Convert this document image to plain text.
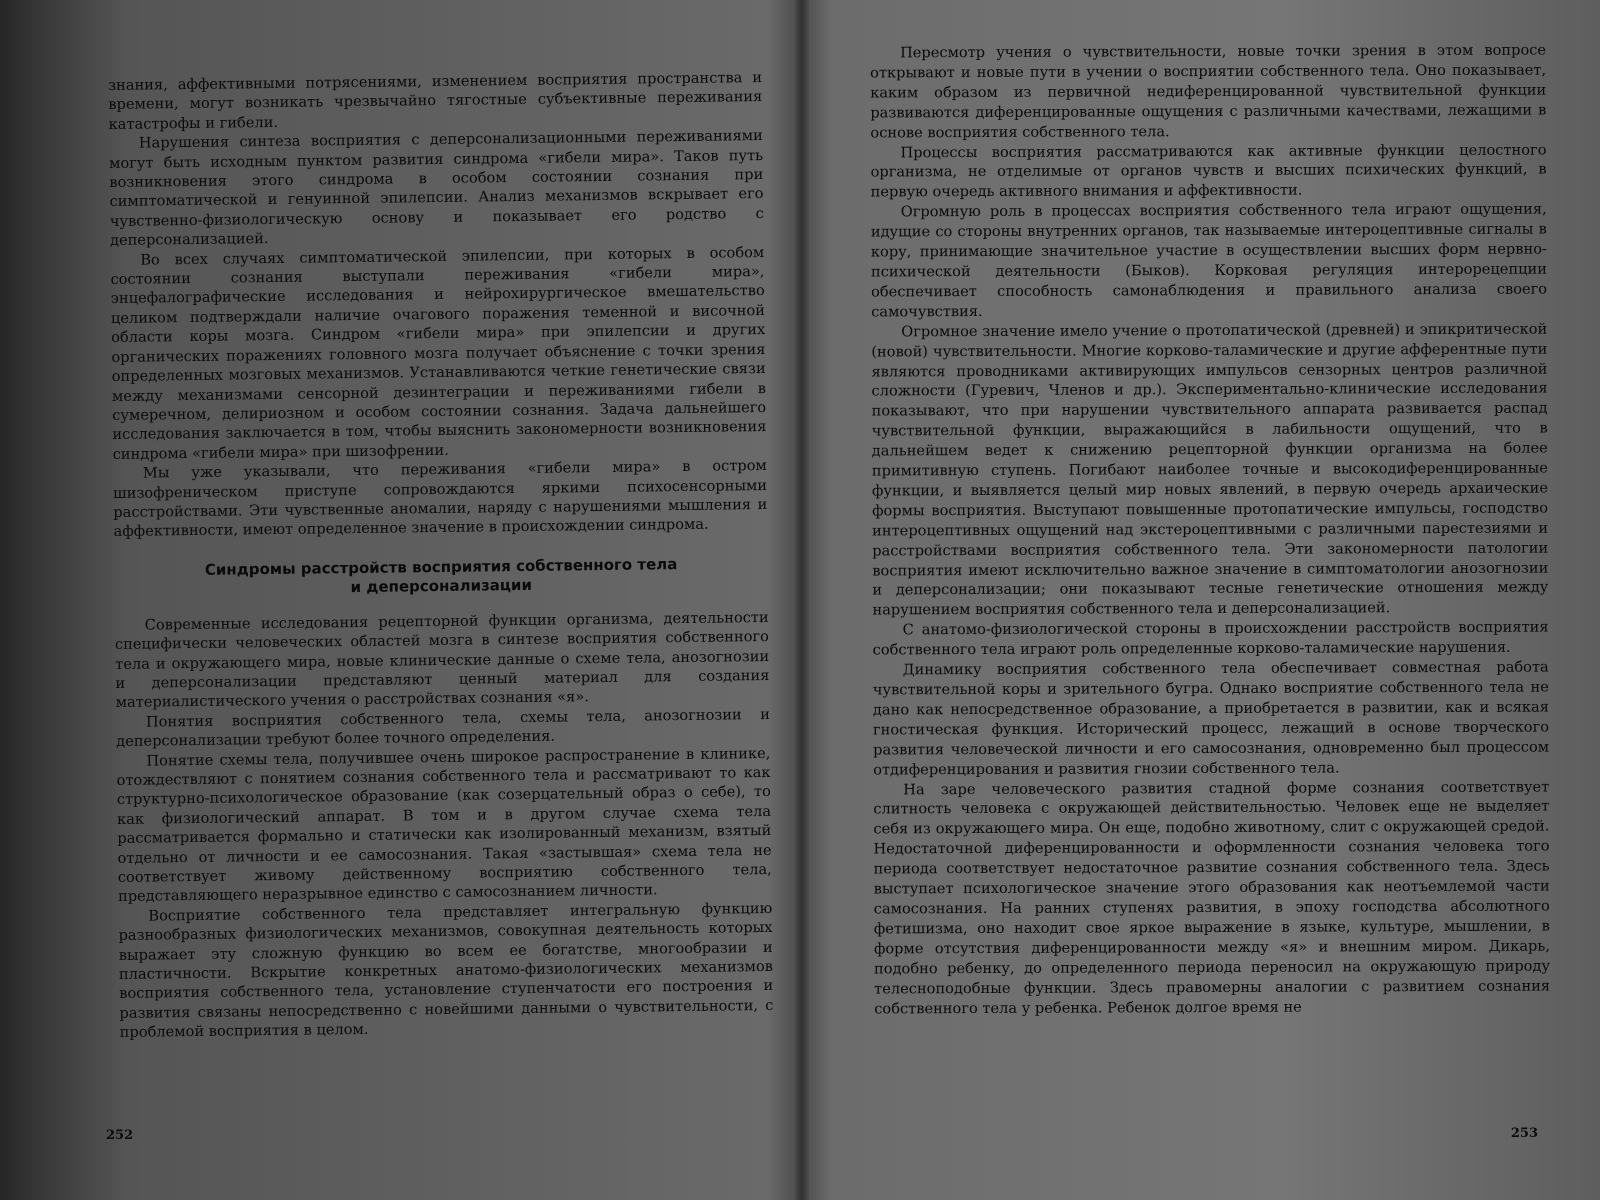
знания, аффективными потрясениями, изменением восприятия пространства и времени, могут возникать чрезвычайно тягостные субъективные переживания катастрофы и гибели.

Нарушения синтеза восприятия с деперсонализационными переживаниями могут быть исходным пунктом развития синдрома «гибели мира». Таков путь возникновения этого синдрома в особом состоянии сознания при симптоматической и генуинной эпилепсии. Анализ механизмов вскрывает его чувственно-физиологическую основу и показывает его родство с деперсонализацией.

Во всех случаях симптоматической эпилепсии, при которых в особом состоянии сознания выступали переживания «гибели мира», энцефалографические исследования и нейрохирургическое вмешательство целиком подтверждали наличие очагового поражения теменной и височной области коры мозга. Синдром «гибели мира» при эпилепсии и других органических поражениях головного мозга получает объяснение с точки зрения определенных мозговых механизмов. Устанавливаются четкие генетические связи между механизмами сенсорной дезинтеграции и переживаниями гибели в сумеречном, делириозном и особом состоянии сознания. Задача дальнейшего исследования заключается в том, чтобы выяснить закономерности возникновения синдрома «гибели мира» при шизофрении.

Мы уже указывали, что переживания «гибели мира» в остром шизофреническом приступе сопровождаются яркими психосенсорными расстройствами. Эти чувственные аномалии, наряду с нарушениями мышления и аффективности, имеют определенное значение в происхождении синдрома.

Синдромы расстройств восприятия собственного тела
и деперсонализации

Современные исследования рецепторной функции организма, деятельности специфически человеческих областей мозга в синтезе восприятия собственного тела и окружающего мира, новые клинические данные о схеме тела, анозогнозии и деперсонализации представляют ценный материал для создания материалистического учения о расстройствах сознания «я».

Понятия восприятия собственного тела, схемы тела, анозогнозии и деперсонализации требуют более точного определения.

Понятие схемы тела, получившее очень широкое распространение в клинике, отождествляют с понятием сознания собственного тела и рассматривают то как структурно-психологическое образование (как созерцательный образ о себе), то как физиологический аппарат. В том и в другом случае схема тела рассматривается формально и статически как изолированный механизм, взятый отдельно от личности и ее самосознания. Такая «застывшая» схема тела не соответствует живому действенному восприятию собственного тела, представляющего неразрывное единство с самосознанием личности.

Восприятие собственного тела представляет интегральную функцию разнообразных физиологических механизмов, совокупная деятельность которых выражает эту сложную функцию во всем ее богатстве, многообразии и пластичности. Вскрытие конкретных анатомо-физиологических механизмов восприятия собственного тела, установление ступенчатости его построения и развития связаны непосредственно с новейшими данными о чувствительности, с проблемой восприятия в целом.

252

Пересмотр учения о чувствительности, новые точки зрения в этом вопросе открывают и новые пути в учении о восприятии собственного тела. Оно показывает, каким образом из первичной недиференцированной чувствительной функции развиваются диференцированные ощущения с различными качествами, лежащими в основе восприятия собственного тела.

Процессы восприятия рассматриваются как активные функции целостного организма, не отделимые от органов чувств и высших психических функций, в первую очередь активного внимания и аффективности.

Огромную роль в процессах восприятия собственного тела играют ощущения, идущие со стороны внутренних органов, так называемые интероцептивные сигналы в кору, принимающие значительное участие в осуществлении высших форм нервно-психической деятельности (Быков). Корковая регуляция интерорецепции обеспечивает способность самонаблюдения и правильного анализа своего самочувствия.

Огромное значение имело учение о протопатической (древней) и эпикритической (новой) чувствительности. Многие корково-таламические и другие афферентные пути являются проводниками активирующих импульсов сензорных центров различной сложности (Гуревич, Членов и др.). Экспериментально-клинические исследования показывают, что при нарушении чувствительного аппарата развивается распад чувствительной функции, выражающийся в лабильности ощущений, что в дальнейшем ведет к снижению рецепторной функции организма на более примитивную ступень. Погибают наиболее точные и высокодиференцированные функции, и выявляется целый мир новых явлений, в первую очередь архаические формы восприятия. Выступают повышенные протопатические импульсы, господство интероцептивных ощущений над экстероцептивными с различными парестезиями и расстройствами восприятия собственного тела. Эти закономерности патологии восприятия имеют исключительно важное значение в симптоматологии анозогнозии и деперсонализации; они показывают тесные генетические отношения между нарушением восприятия собственного тела и деперсонализацией.

С анатомо-физиологической стороны в происхождении расстройств восприятия собственного тела играют роль определенные корково-таламические нарушения.

Динамику восприятия собственного тела обеспечивает совместная работа чувствительной коры и зрительного бугра. Однако восприятие собственного тела не дано как непосредственное образование, а приобретается в развитии, как и всякая гностическая функция. Исторический процесс, лежащий в основе творческого развития человеческой личности и его самосознания, одновременно был процессом отдиференцирования и развития гнозии собственного тела.

На заре человеческого развития стадной форме сознания соответствует слитность человека с окружающей действительностью. Человек еще не выделяет себя из окружающего мира. Он еще, подобно животному, слит с окружающей средой. Недостаточной диференцированности и оформленности сознания человека того периода соответствует недостаточное развитие сознания собственного тела. Здесь выступает психологическое значение этого образования как неотъемлемой части самосознания. На ранних ступенях развития, в эпоху господства абсолютного фетишизма, оно находит свое яркое выражение в языке, культуре, мышлении, в форме отсутствия диференцированности между «я» и внешним миром. Дикарь, подобно ребенку, до определенного периода переносил на окружающую природу телесноподобные функции. Здесь правомерны аналогии с развитием сознания собственного тела у ребенка. Ребенок долгое время не

253
